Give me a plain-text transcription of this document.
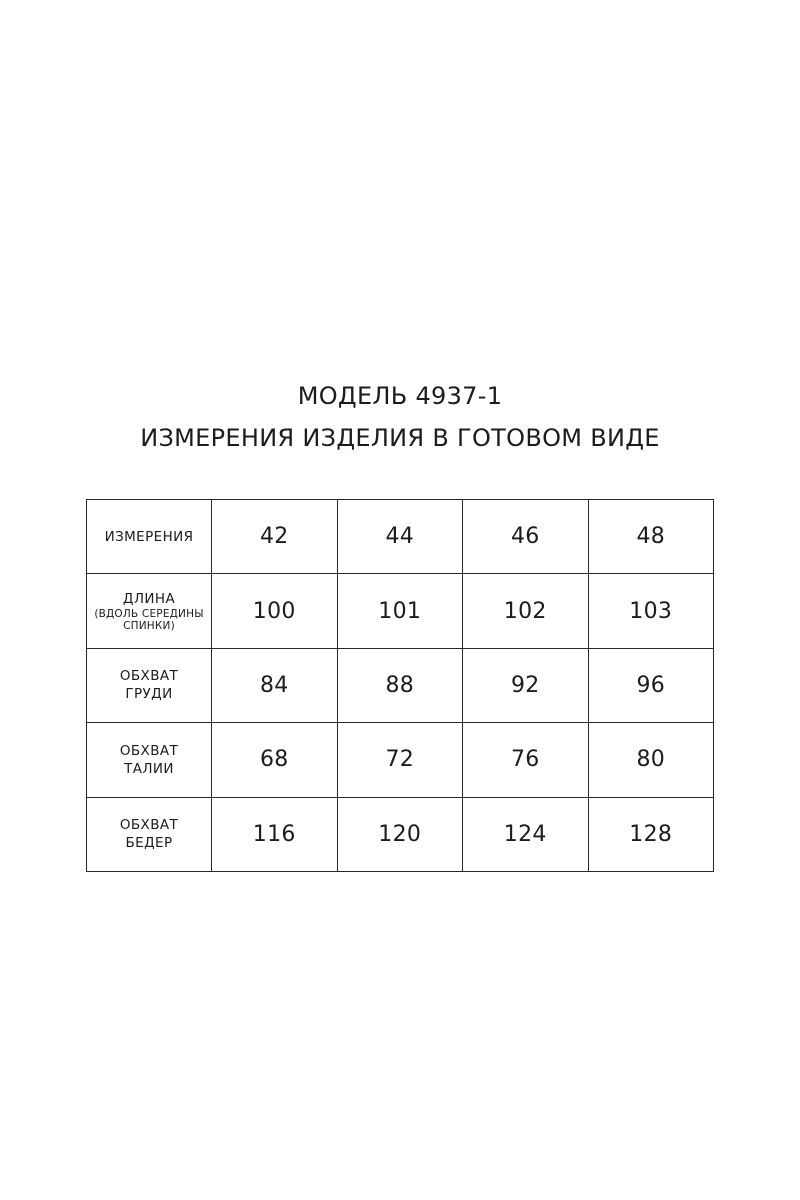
МОДЕЛЬ 4937-1
ИЗМЕРЕНИЯ ИЗДЕЛИЯ В ГОТОВОМ ВИДЕ
ИЗМЕРЕНИЯ	42	44	46	48

ДЛИНА
(ВДОЛЬ СЕРЕДИНЫ
СПИНКИ)	100	101	102	103

ОБХВАТ
ГРУДИ	84	88	92	96

ОБХВАТ
ТАЛИИ	68	72	76	80

ОБХВАТ
БЕДЕР	116	120	124	128
